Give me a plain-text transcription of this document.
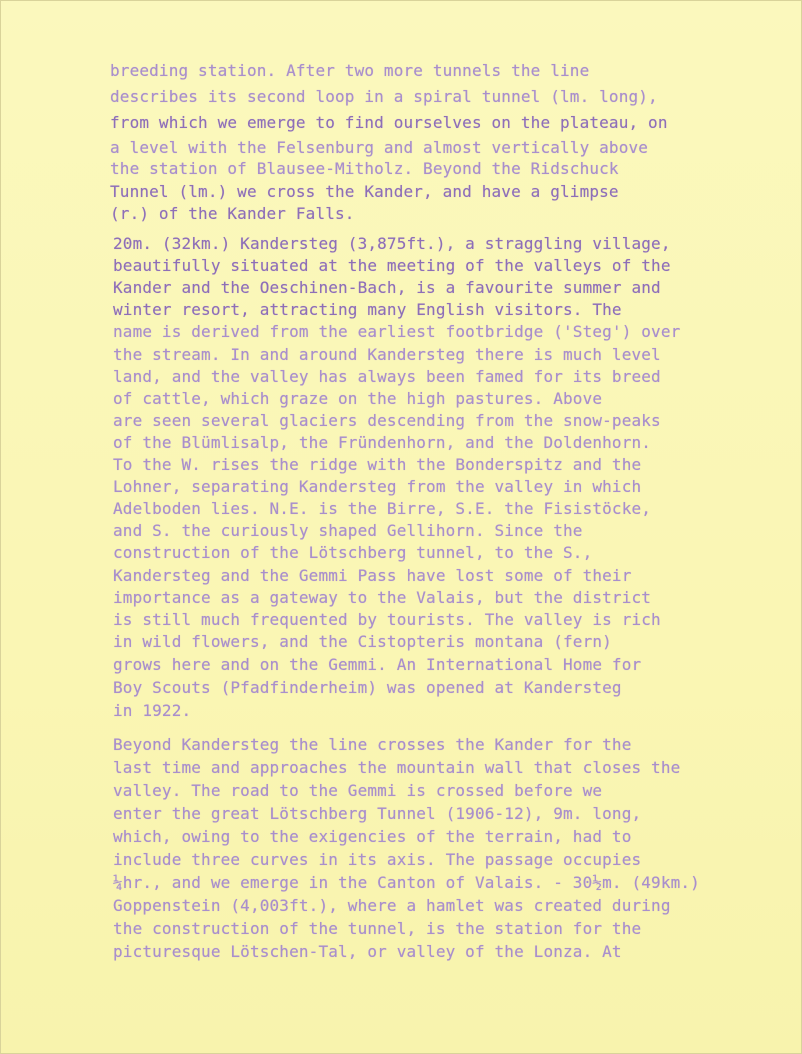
breeding station. After two more tunnels the line
describes its second loop in a spiral tunnel (lm. long),
from which we emerge to find ourselves on the plateau, on
a level with the Felsenburg and almost vertically above
the station of Blausee-Mitholz. Beyond the Ridschuck
Tunnel (lm.) we cross the Kander, and have a glimpse
(r.) of the Kander Falls.
20m. (32km.) Kandersteg (3,875ft.), a straggling village,
beautifully situated at the meeting of the valleys of the
Kander and the Oeschinen-Bach, is a favourite summer and
winter resort, attracting many English visitors. The
name is derived from the earliest footbridge ('Steg') over
the stream. In and around Kandersteg there is much level
land, and the valley has always been famed for its breed
of cattle, which graze on the high pastures. Above
are seen several glaciers descending from the snow-peaks
of the Blümlisalp, the Fründenhorn, and the Doldenhorn.
To the W. rises the ridge with the Bonderspitz and the
Lohner, separating Kandersteg from the valley in which
Adelboden lies. N.E. is the Birre, S.E. the Fisistöcke,
and S. the curiously shaped Gellihorn. Since the
construction of the Lötschberg tunnel, to the S.,
Kandersteg and the Gemmi Pass have lost some of their
importance as a gateway to the Valais, but the district
is still much frequented by tourists. The valley is rich
in wild flowers, and the Cistopteris montana (fern)
grows here and on the Gemmi. An International Home for
Boy Scouts (Pfadfinderheim) was opened at Kandersteg
in 1922.
Beyond Kandersteg the line crosses the Kander for the
last time and approaches the mountain wall that closes the
valley. The road to the Gemmi is crossed before we
enter the great Lötschberg Tunnel (1906-12), 9m. long,
which, owing to the exigencies of the terrain, had to
include three curves in its axis. The passage occupies
¼hr., and we emerge in the Canton of Valais. - 30½m. (49km.)
Goppenstein (4,003ft.), where a hamlet was created during
the construction of the tunnel, is the station for the
picturesque Lötschen-Tal, or valley of the Lonza. At
